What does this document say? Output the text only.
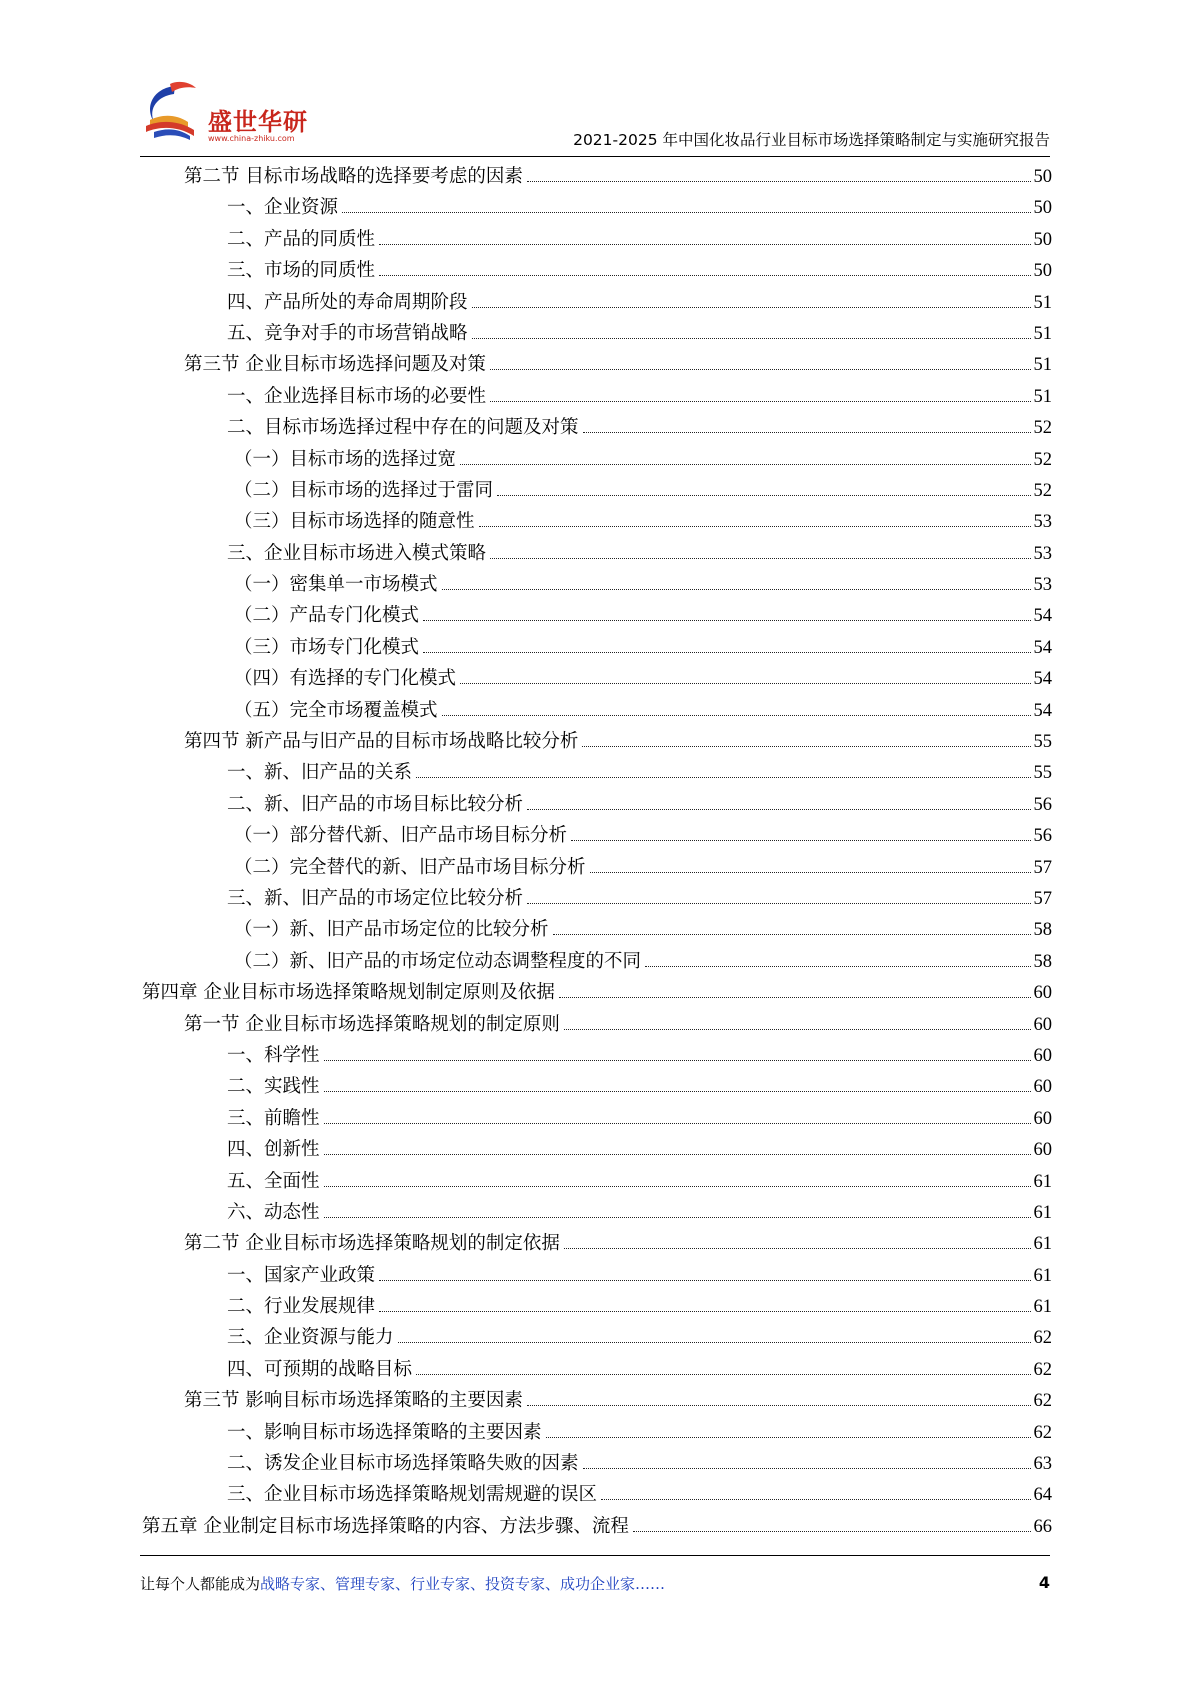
盛世华研
www.china-zhiku.com	2021-2025 年中国化妆品行业目标市场选择策略制定与实施研究报告
第二节 目标市场战略的选择要考虑的因素	50
一、企业资源	50
二、产品的同质性	50
三、市场的同质性	50
四、产品所处的寿命周期阶段	51
五、竞争对手的市场营销战略	51
第三节 企业目标市场选择问题及对策	51
一、企业选择目标市场的必要性	51
二、目标市场选择过程中存在的问题及对策	52
（一）目标市场的选择过宽	52
（二）目标市场的选择过于雷同	52
（三）目标市场选择的随意性	53
三、企业目标市场进入模式策略	53
（一）密集单一市场模式	53
（二）产品专门化模式	54
（三）市场专门化模式	54
（四）有选择的专门化模式	54
（五）完全市场覆盖模式	54
第四节 新产品与旧产品的目标市场战略比较分析	55
一、新、旧产品的关系	55
二、新、旧产品的市场目标比较分析	56
（一）部分替代新、旧产品市场目标分析	56
（二）完全替代的新、旧产品市场目标分析	57
三、新、旧产品的市场定位比较分析	57
（一）新、旧产品市场定位的比较分析	58
（二）新、旧产品的市场定位动态调整程度的不同	58
第四章 企业目标市场选择策略规划制定原则及依据	60
第一节 企业目标市场选择策略规划的制定原则	60
一、科学性	60
二、实践性	60
三、前瞻性	60
四、创新性	60
五、全面性	61
六、动态性	61
第二节 企业目标市场选择策略规划的制定依据	61
一、国家产业政策	61
二、行业发展规律	61
三、企业资源与能力	62
四、可预期的战略目标	62
第三节 影响目标市场选择策略的主要因素	62
一、影响目标市场选择策略的主要因素	62
二、诱发企业目标市场选择策略失败的因素	63
三、企业目标市场选择策略规划需规避的误区	64
第五章 企业制定目标市场选择策略的内容、方法步骤、流程	66
让每个人都能成为战略专家、管理专家、行业专家、投资专家、成功企业家……	4
